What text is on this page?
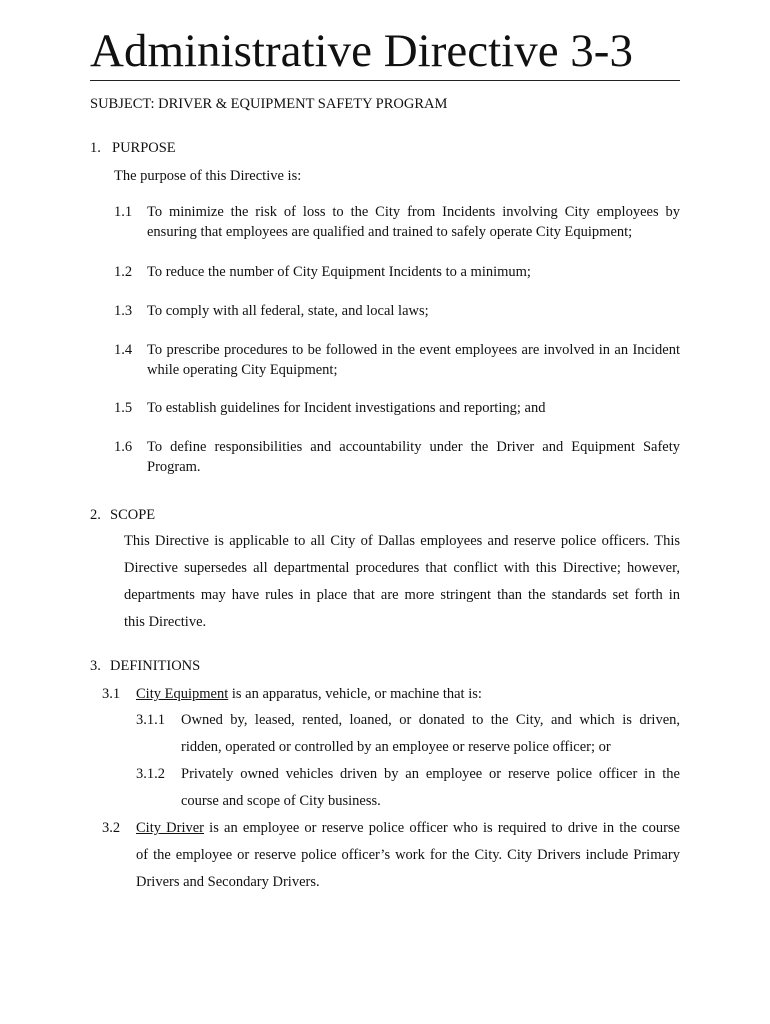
Administrative Directive 3-3
SUBJECT: DRIVER & EQUIPMENT SAFETY PROGRAM
1. PURPOSE
The purpose of this Directive is:
1.1 To minimize the risk of loss to the City from Incidents involving City employees by
ensuring that employees are qualified and trained to safely operate City Equipment;
1.2 To reduce the number of City Equipment Incidents to a minimum;
1.3 To comply with all federal, state, and local laws;
1.4 To prescribe procedures to be followed in the event employees are involved in an Incident
while operating City Equipment;
1.5 To establish guidelines for Incident investigations and reporting; and
1.6 To define responsibilities and accountability under the Driver and Equipment Safety
Program.
2. SCOPE
This Directive is applicable to all City of Dallas employees and reserve police officers. This
Directive supersedes all departmental procedures that conflict with this Directive; however,
departments may have rules in place that are more stringent than the standards set forth in
this Directive.
3. DEFINITIONS
3.1 City Equipment is an apparatus, vehicle, or machine that is:
3.1.1 Owned by, leased, rented, loaned, or donated to the City, and which is driven,
ridden, operated or controlled by an employee or reserve police officer; or
3.1.2 Privately owned vehicles driven by an employee or reserve police officer in the
course and scope of City business.
3.2 City Driver is an employee or reserve police officer who is required to drive in the course
of the employee or reserve police officer’s work for the City. City Drivers include Primary
Drivers and Secondary Drivers.
